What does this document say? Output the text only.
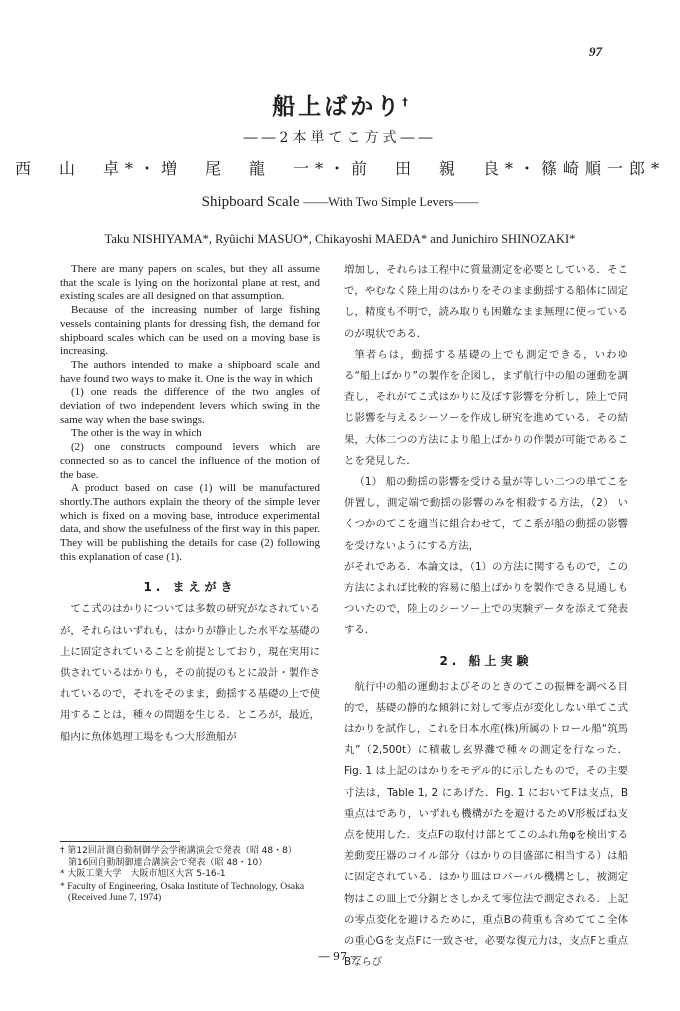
97
船上ばかり†
――2本単てこ方式――
西　山　卓*・増　尾　龍　一*・前　田　親　良*・篠崎順一郎*
Shipboard Scale ――With Two Simple Levers――
Taku NISHIYAMA*, Ryûichi MASUO*, Chikayoshi MAEDA* and Junichiro SHINOZAKI*

There are many papers on scales, but they all assume that the scale is lying on the horizontal plane at rest, and existing scales are all designed on that assumption.

Because of the increasing number of large fishing vessels containing plants for dressing fish, the demand for shipboard scales which can be used on a moving base is increasing.

The authors intended to make a shipboard scale and have found two ways to make it. One is the way in which

(1) one reads the difference of the two angles of deviation of two independent levers which swing in the same way when the base swings.

The other is the way in which

(2) one constructs compound levers which are connected so as to cancel the influence of the motion of the base.

A product based on case (1) will be manufactured shortly.The authors explain the theory of the simple lever which is fixed on a moving base, introduce experimental data, and show the usefulness of the first way in this paper. They will be publishing the details for case (2) following this explanation of case (1).

1. まえがき

てこ式のはかりについては多数の研究がなされているが，それらはいずれも，はかりが静止した水平な基礎の上に固定されていることを前提としており，現在実用に供されているはかりも，その前提のもとに設計・製作されているので，それをそのまま，動揺する基礎の上で使用することは，種々の問題を生じる．ところが，最近，船内に魚体処理工場をもつ大形漁船が

増加し，それらは工程中に質量測定を必要としている．そこで，やむなく陸上用のはかりをそのまま動揺する船体に固定し，精度も不明で，読み取りも困難なまま無理に使っているのが現状である．

筆者らは，動揺する基礎の上でも測定できる，いわゆる“船上ばかり”の製作を企図し，まず航行中の船の運動を調査し，それがてこ式はかりに及ぼす影響を分析し，陸上で同じ影響を与えるシーソーを作成し研究を進めている．その結果，大体二つの方法により船上ばかりの作製が可能であることを発見した．

（1） 船の動揺の影響を受ける量が等しい二つの単てこを併置し，測定端で動揺の影響のみを相殺する方法，（2） いくつかのてこを適当に組合わせて，てこ系が船の動揺の影響を受けないようにする方法，

がそれである．本論文は，（1）の方法に関するもので，この方法によれば比較的容易に船上ばかりを製作できる見通しもついたので，陸上のシーソー上での実験データを添えて発表する．

2. 船上実験

航行中の船の運動およびそのときのてこの振舞を調べる目的で，基礎の静的な傾斜に対して零点が変化しない単てこ式はかりを試作し，これを日本水産(株)所属のトロール船“筑馬丸”（2,500t）に積載し玄界灘で種々の測定を行なった．Fig. 1 は上記のはかりをモデル的に示したもので，その主要寸法は，Table 1, 2 にあげた．Fig. 1 においてFは支点，B重点はであり，いずれも機構がたを避けるためV形板ばね支点を使用した．支点Fの取付け部とてこのふれ角φを検出する差動変圧器のコイル部分（はかりの目盛部に相当する）は船に固定されている．はかり皿はロバーバル機構とし，被測定物はこの皿上で分銅とさしかえて零位法で測定される．上記の零点変化を避けるために，重点Bの荷重も含めててこ全体の重心Gを支点Fに一致させ，必要な復元力は，支点Fと重点Bならび

† 第12回計測自動制御学会学術講演会で発表（昭 48・8）
第16回自動制御連合講演会で発表（昭 48・10）
* 大阪工業大学　大阪市旭区大宮 5-16-1
* Faculty of Engineering, Osaka Institute of Technology, Osaka
(Received June 7, 1974)
― 97 ―
